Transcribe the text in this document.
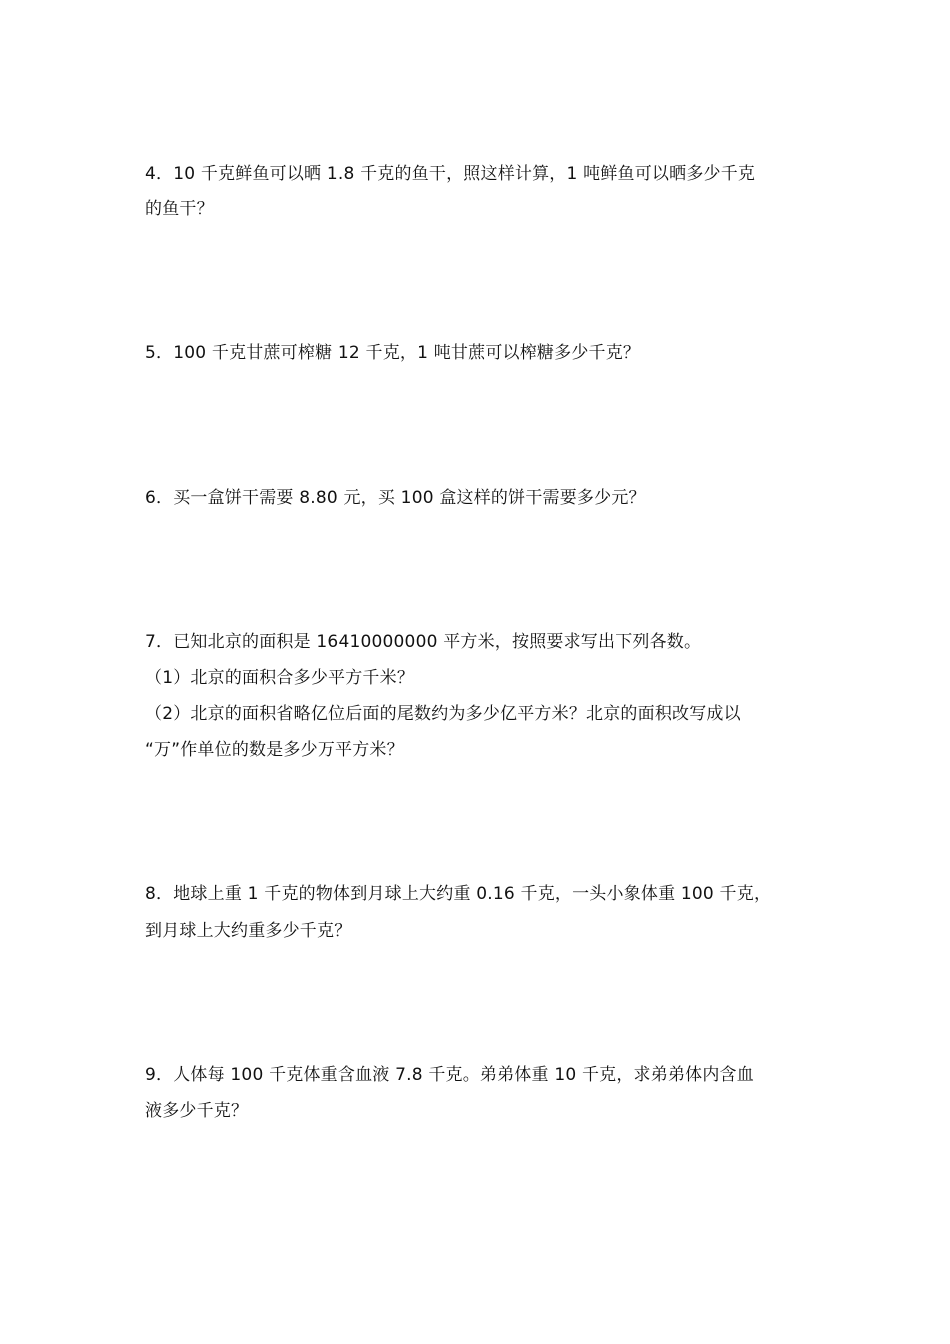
4．10 千克鲜鱼可以晒 1.8 千克的鱼干，照这样计算，1 吨鲜鱼可以晒多少千克
的鱼干？
5．100 千克甘蔗可榨糖 12 千克，1 吨甘蔗可以榨糖多少千克？
6．买一盒饼干需要 8.80 元，买 100 盒这样的饼干需要多少元？
7．已知北京的面积是 16410000000 平方米，按照要求写出下列各数。
（1）北京的面积合多少平方千米？
（2）北京的面积省略亿位后面的尾数约为多少亿平方米？北京的面积改写成以
“万”作单位的数是多少万平方米？
8．地球上重 1 千克的物体到月球上大约重 0.16 千克，一头小象体重 100 千克，
到月球上大约重多少千克？
9．人体每 100 千克体重含血液 7.8 千克。弟弟体重 10 千克，求弟弟体内含血
液多少千克？
